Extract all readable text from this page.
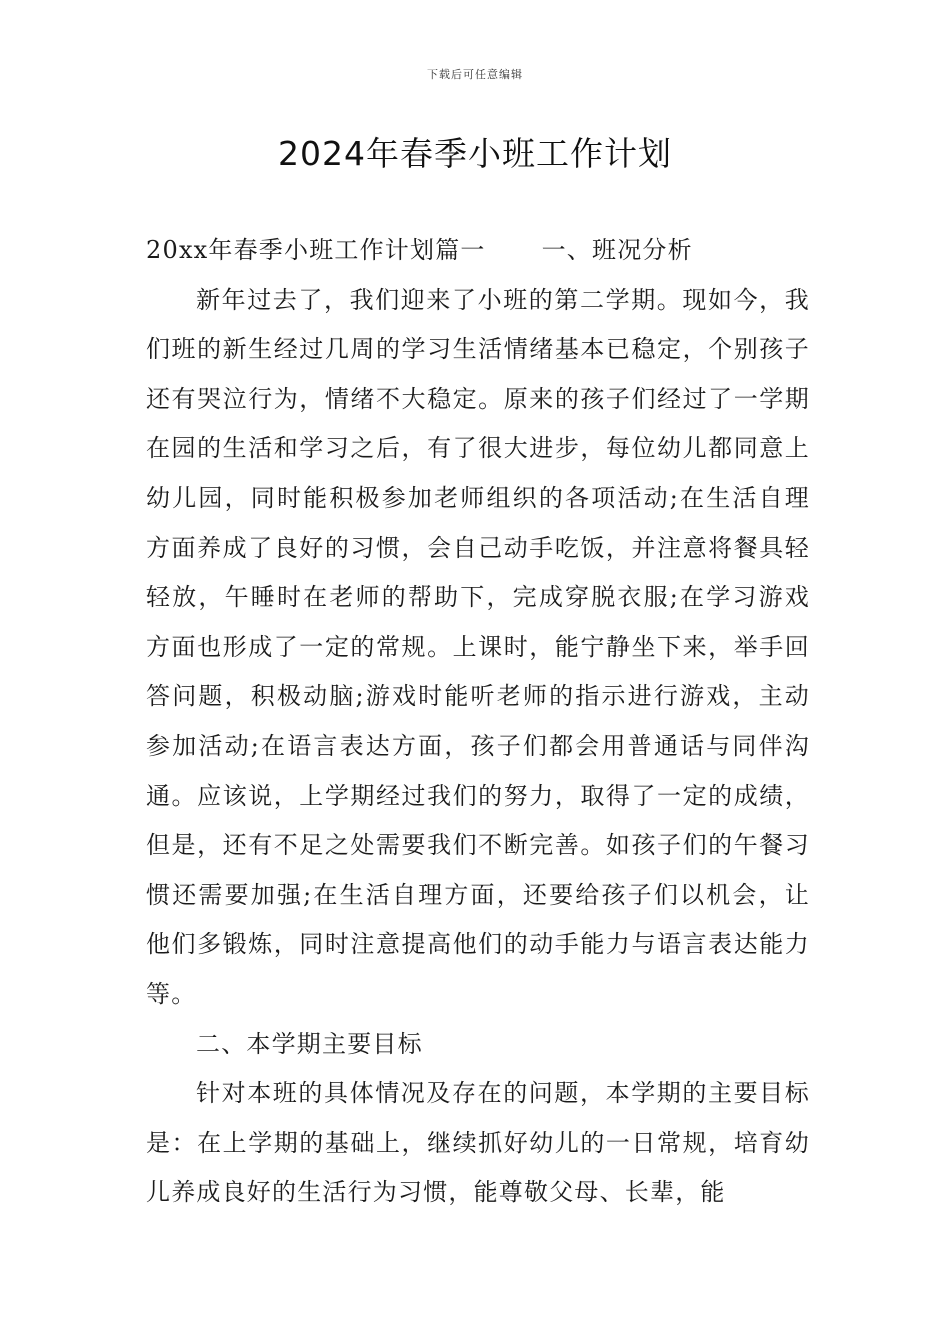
下载后可任意编辑
2024年春季小班工作计划

20xx年春季小班工作计划篇一 一、班况分析

新年过去了，我们迎来了小班的第二学期。现如今，我们班的新生经过几周的学习生活情绪基本已稳定，个别孩子还有哭泣行为，情绪不大稳定。原来的孩子们经过了一学期在园的生活和学习之后，有了很大进步，每位幼儿都同意上幼儿园，同时能积极参加老师组织的各项活动;在生活自理方面养成了良好的习惯，会自己动手吃饭，并注意将餐具轻轻放，午睡时在老师的帮助下，完成穿脱衣服;在学习游戏方面也形成了一定的常规。上课时，能宁静坐下来，举手回答问题，积极动脑;游戏时能听老师的指示进行游戏，主动参加活动;在语言表达方面，孩子们都会用普通话与同伴沟通。应该说，上学期经过我们的努力，取得了一定的成绩，但是，还有不足之处需要我们不断完善。如孩子们的午餐习惯还需要加强;在生活自理方面，还要给孩子们以机会，让他们多锻炼，同时注意提高他们的动手能力与语言表达能力等。

二、本学期主要目标

针对本班的具体情况及存在的问题，本学期的主要目标是：在上学期的基础上，继续抓好幼儿的一日常规，培育幼儿养成良好的生活行为习惯，能尊敬父母、长辈，能
